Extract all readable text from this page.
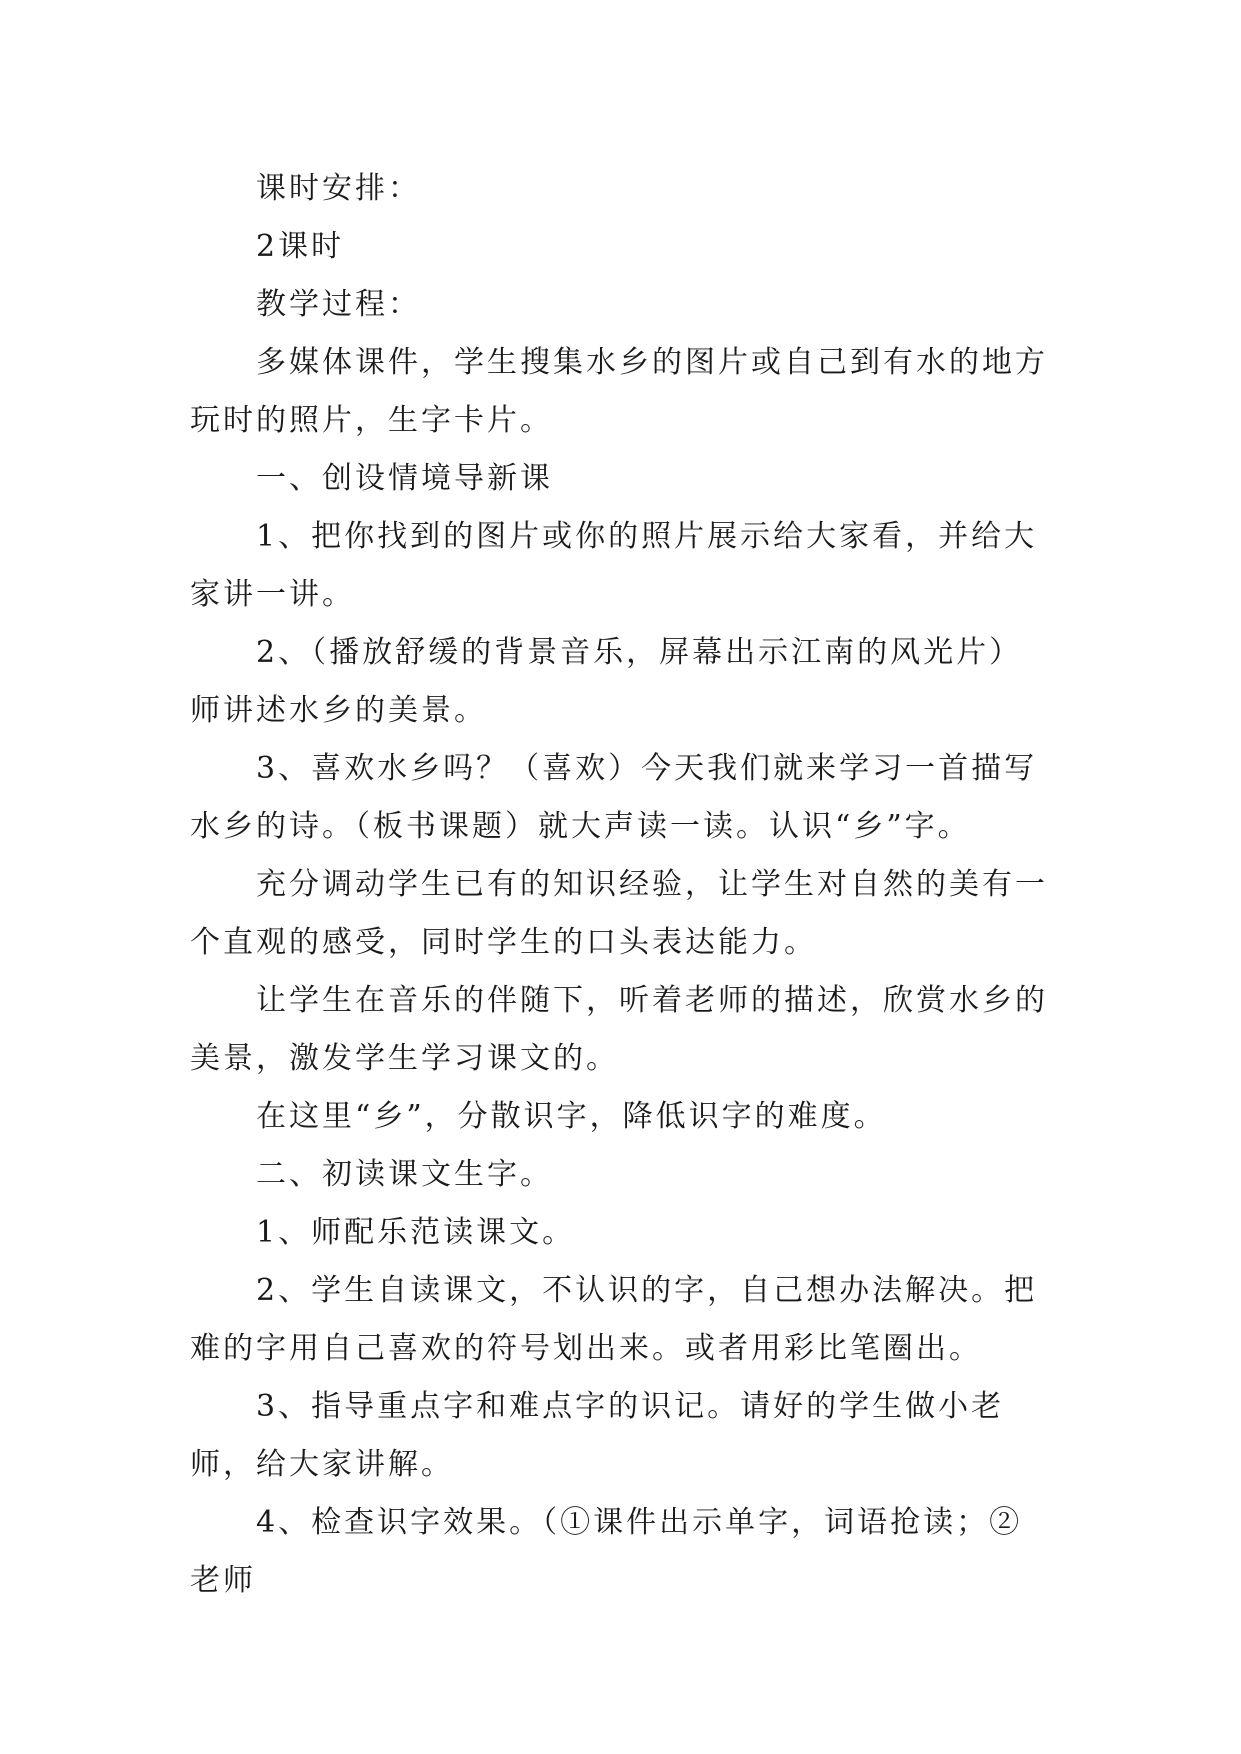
课时安排：

2课时

教学过程：

多媒体课件，学生搜集水乡的图片或自己到有水的地方玩时的照片，生字卡片。

一、创设情境导新课

1、把你找到的图片或你的照片展示给大家看，并给大家讲一讲。

2、（播放舒缓的背景音乐，屏幕出示江南的风光片）师讲述水乡的美景。

3、喜欢水乡吗？（喜欢）今天我们就来学习一首描写水乡的诗。（板书课题）就大声读一读。认识“乡”字。

充分调动学生已有的知识经验，让学生对自然的美有一个直观的感受，同时学生的口头表达能力。

让学生在音乐的伴随下，听着老师的描述，欣赏水乡的美景，激发学生学习课文的。

在这里“乡”，分散识字，降低识字的难度。

二、初读课文生字。

1、师配乐范读课文。

2、学生自读课文，不认识的字，自己想办法解决。把难的字用自己喜欢的符号划出来。或者用彩比笔圈出。

3、指导重点字和难点字的识记。请好的学生做小老师，给大家讲解。

4、检查识字效果。（①课件出示单字，词语抢读；②老师
